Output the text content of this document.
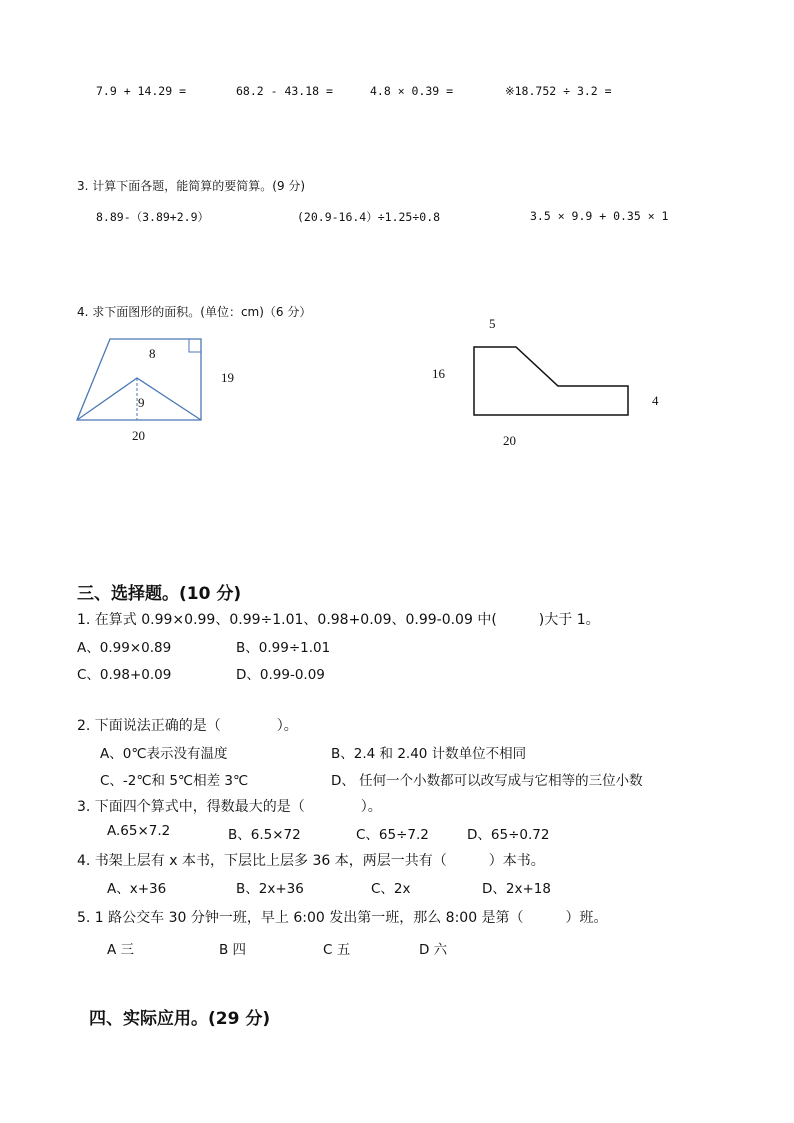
7.9 + 14.29 =	68.2 - 43.18 =	4.8 × 0.39 =	※18.752 ÷ 3.2 =
3. 计算下面各题，能简算的要简算。(9 分)
8.89-（3.89+2.9）	(20.9-16.4）÷1.25÷0.8	3.5 × 9.9 + 0.35 × 1
4. 求下面图形的面积。(单位：cm)（6 分）
8
9
19
20
5
16
4
20
三、选择题。(10 分)
1. 在算式 0.99×0.99、0.99÷1.01、0.98+0.09、0.99-0.09 中(　　　)大于 1。
A、0.99×0.89	B、0.99÷1.01
C、0.98+0.09	D、0.99-0.09
2. 下面说法正确的是（　　　　）。
A、0℃表示没有温度	B、2.4 和 2.40 计数单位不相同
C、-2℃和 5℃相差 3℃	D、 任何一个小数都可以改写成与它相等的三位小数
3. 下面四个算式中，得数最大的是（　　　　）。
A.65×7.2	B、6.5×72	C、65÷7.2	D、65÷0.72
4. 书架上层有 x 本书，下层比上层多 36 本，两层一共有（　　　）本书。
A、x+36	B、2x+36	C、2x	D、2x+18
5. 1 路公交车 30 分钟一班，早上 6:00 发出第一班，那么 8:00 是第（　　　）班。
A 三	B 四	C 五	D 六
四、实际应用。(29 分)
